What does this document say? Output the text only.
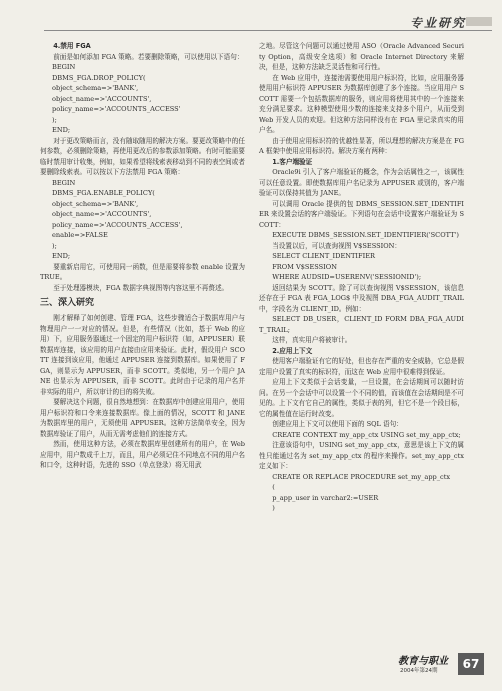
专业研究

4.禁用 FGA

前面是如何添加 FGA 策略。若要删除策略，可以使用以下语句：

BEGIN

DBMS_FGA.DROP_POLICY(

object_schema=>'BANK',

object_name=>'ACCOUNTS',

policy_name=>'ACCOUNTS_ACCESS'

);

END;

对于更改策略而言，没有随取随用的解决方案。要更改策略中的任何参数，必须删除策略，再使用更改后的参数添加策略。有时可能需要临时禁用审计收集，例如，如果希望将线索表移动到不同的表空间或者要删除线索表。可以按以下方法禁用 FGA 策略：

BEGIN

DBMS_FGA.ENABLE_POLICY(

object_schema=>'BANK',

object_name=>'ACCOUNTS',

policy_name=>'ACCOUNTS_ACCESS',

enable=>FALSE

);

END;

要重新启用它，可使用同一函数，但是需要将参数 enable 设置为 TRUE。

至于处理器模块，FGA 数据字典视图等内容这里不再赘述。

三、深入研究

刚才解释了如何创建、管理 FGA，这些步骤适合于数据库用户与物理用户一一对应的情况。但是，有些情况（比如，基于 Web 的应用）下，应用服务器通过一个固定的用户标识符（如，APPUSER）联数据库连接，该应用的用户直接由应用来验证。此时，假设用户 SCOTT 连接到该应用，他通过 APPUSER 连接到数据库。如果使用了 FGA，则显示为 APPUSER，而非 SCOTT。类似地，另一个用户 JANE 也显示为 APPUSER，而非 SCOTT。此时由于记录的用户名并非实际的用户，所以审计的目的将失败。

要解决这个问题，很自然地想到：在数据库中创建应用用户，使用用户标识符和口令来连接数据库。像上面的情况，SCOTT 和 JANE 为数据库里的用户，无须使用 APPUSER。这种方法简单安全，因为数据库验证了用户，从而无需考虑他们的连接方式。

然而，使用这种方法，必须在数据库里创建所有的用户，在 Web 应用中，用户数成千上万，而且，用户必须记住不同地点不同的用户名和口令，这种时语，先进的 SSO（单点登录）将无用武

之地。尽管这个问题可以通过使用 ASO（Oracle Advanced Security Option，高级安全选项）和 Oracle Internet Directory 来解决，但是，这种方法缺乏灵活性和可行性。

在 Web 应用中，连接池需要使用用户标识符，比如，应用服务器使用用户标识符 APPUSER 为数据库创建了多个连接。当应用用户 SCOTT 需要一个包括数据库的服务，则应用将使用其中的一个连接来充分满足要求。这种模型使用少数的连接来支持多个用户，从而受到 Web 开发人员的欢迎。但这种方法同样没有在 FGA 里记录真实的用户名。

由于使用应用标识符的优越性显著，所以理想的解决方案是在 FGA 框架中使用应用标识符。解决方案有两种：

1.客户端验证

Oracle9i 引入了客户端验证的概念，作为会话属性之一，该属性可以任意设置。即使数据库用户名记录为 APPUSER 或别的，客户端验证可以保持其值为 JANE。

可以调用 Oracle 提供的包 DBMS_SESSION.SET_IDENTIFIER 来设置会话的客户端验证。下列语句在会话中设置客户端验证为 SCOTT：

EXECUTE DBMS_SESSION.SET_IDENTIFIER('SCOTT')

当设置以后，可以查询视图 V$SESSION：

SELECT CLIENT_IDENTIFIER

FROM V$SESSION

WHERE AUDSID=USERENV('SESSIONID');

返回结果为 SCOTT。除了可以查询视图 V$SESSION，该信息还存在于 FGA 表 FGA_LOG$ 中及视图 DBA_FGA_AUDIT_TRAIL 中，字段名为 CLIENT_ID。例如：

SELECT DB_USER，CLIENT_ID FORM DBA_FGA_AUDIT_TRAIL;

这样，真实用户将被审计。

2.应用上下文

使用客户端验证有它的好处，但也存在严重的安全威胁，它总是假定用户设置了真实的标识符，而这在 Web 应用中很难得到保证。

应用上下文类似于会话变量，一旦设置，在会话期间可以随时访问。在另一个会话中可以设置一个不同的值，而该值在会话期间是不可见的。上下文有它自己的属性，类似于表的列，但它不是一个段目标，它的属性值在运行时改变。

创建应用上下文可以使用下面的 SQL 语句：

CREATE CONTEXT my_app_ctx USING set_my_app_ctx;

注意该语句中，USING set_my_app_ctx，意思是该上下文的属性只能通过名为 set_my_app_ctx 的程序来操作。set_my_app_ctx 定义如下：

CREATE OR REPLACE PROCEDURE set_my_app_ctx

(

p_app_user in varchar2:=USER

)

教育与职业
2004年第24期	67
